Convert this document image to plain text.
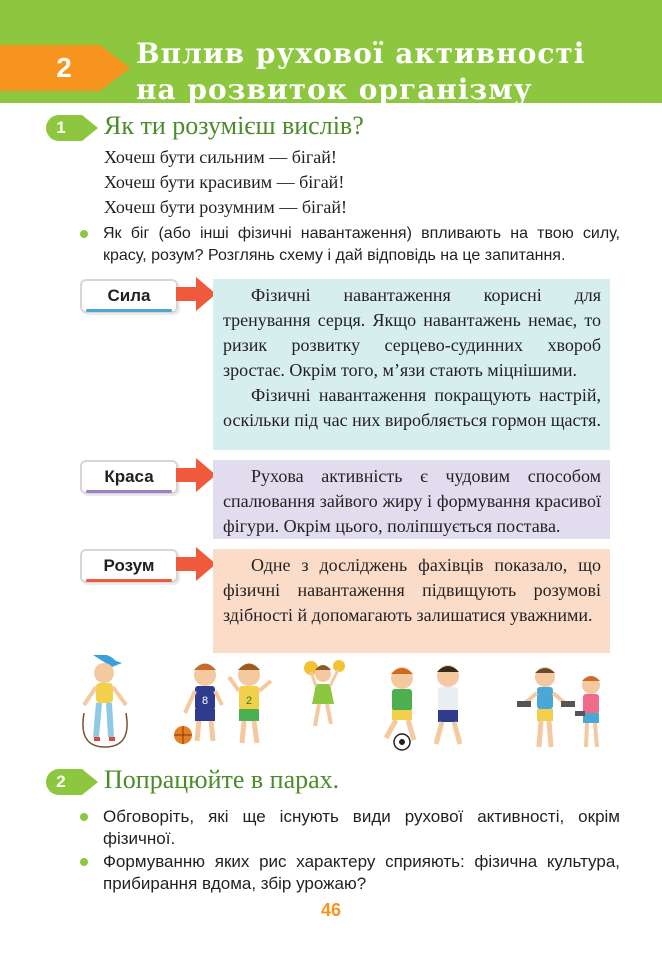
2	Вплив рухової активності
на розвиток організму
1	Як ти розумієш вислів?
Хочеш бути сильним — бігай!
Хочеш бути красивим — бігай!
Хочеш бути розумним — бігай!
Як біг (або інші фізичні навантаження) впливають на твою силу, красу, розум? Розглянь схему і дай відповідь на це запитання.
Сила	Фізичні навантаження корисні для тренування серця. Якщо навантажень немає, то ризик розвитку серцево-судинних хвороб зростає. Окрім того, м’язи стають міцнішими.

Фізичні навантаження покращують настрій, оскільки під час них виробляється гормон щастя.

Краса	Рухова активність є чудовим способом спалювання зайвого жиру і формування красивої фігури. Окрім цього, поліпшується постава.

Розум	Одне з досліджень фахівців показало, що фізичні навантаження підвищують розумові здібності й допомагають залишатися уважними.

8	2
2	Попрацюйте в парах.
Обговоріть, які ще існують види рухової активності, окрім фізичної.
Формуванню яких рис характеру сприяють: фізична культура, прибирання вдома, збір урожаю?
46
